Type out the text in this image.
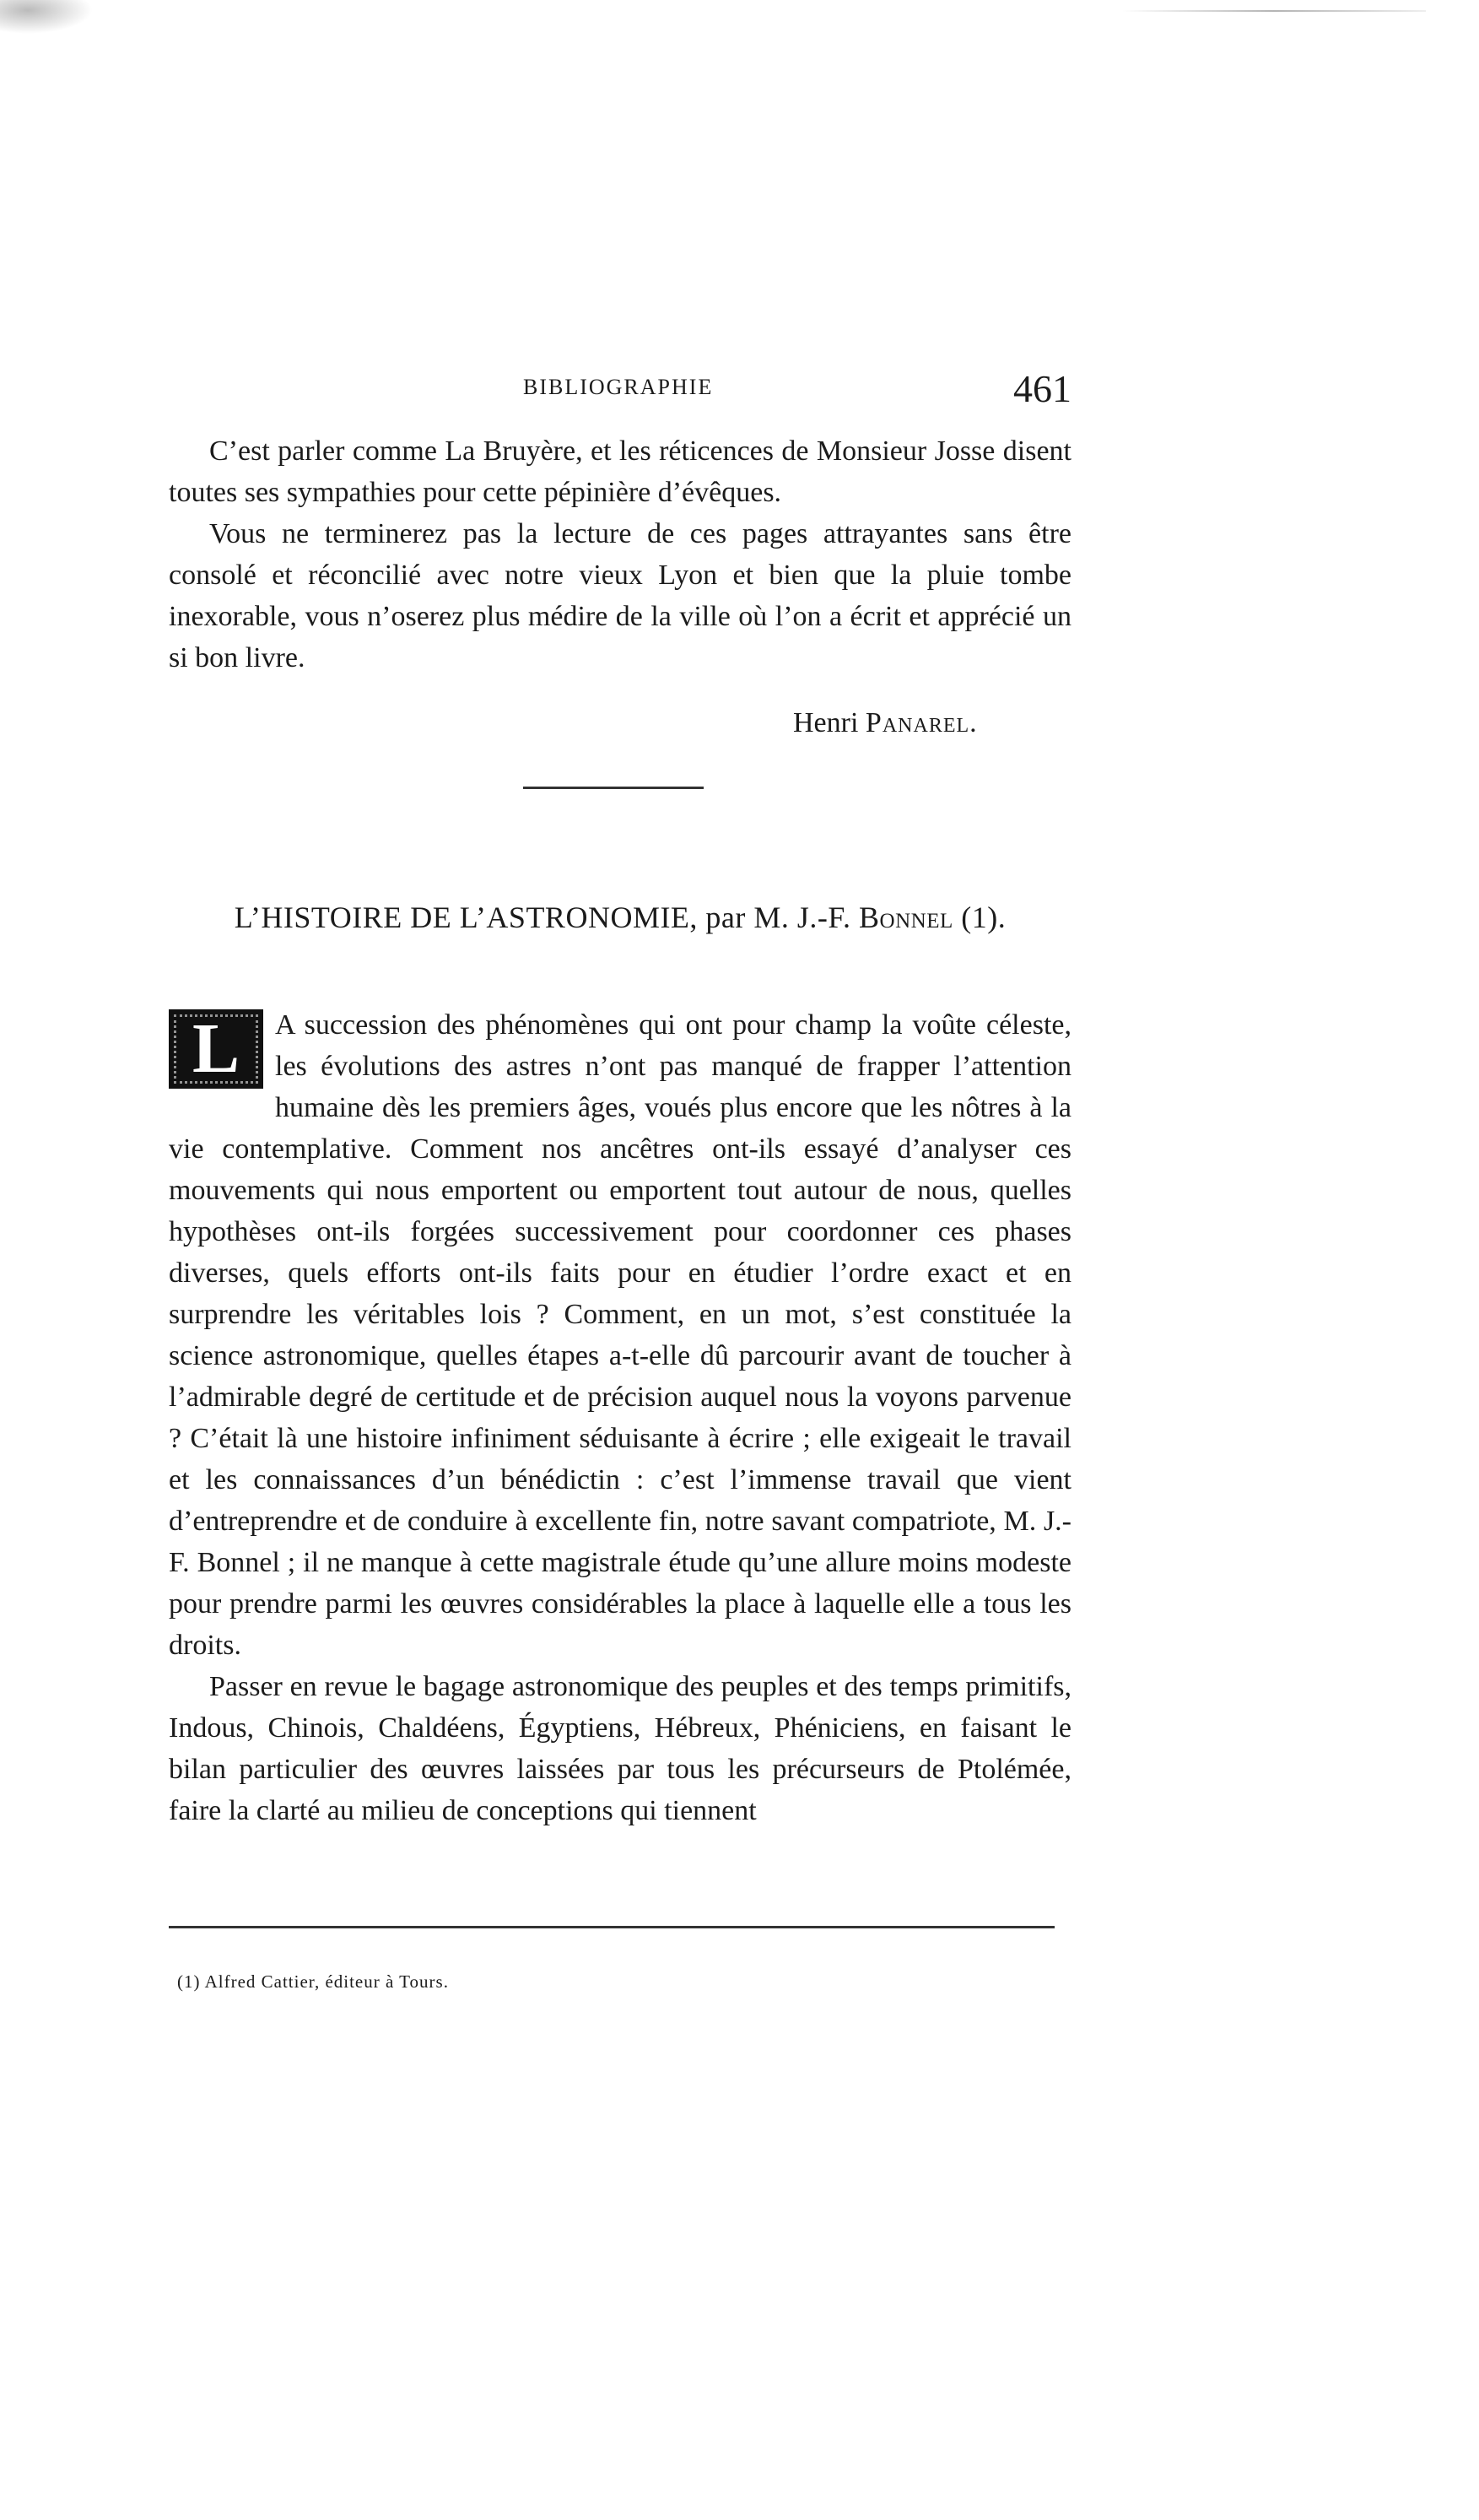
BIBLIOGRAPHIE	461

C’est parler comme La Bruyère, et les réticences de Monsieur Josse disent toutes ses sympathies pour cette pépinière d’évêques.

Vous ne terminerez pas la lecture de ces pages attrayantes sans être consolé et réconcilié avec notre vieux Lyon et bien que la pluie tombe inexorable, vous n’oserez plus médire de la ville où l’on a écrit et apprécié un si bon livre.

Henri Panarel.
L’HISTOIRE DE L’ASTRONOMIE, par M. J.-F. Bonnel (1).

L	A succession des phénomènes qui ont pour champ la voûte céleste, les évolutions des astres n’ont pas manqué de frapper l’attention humaine dès les premiers âges, voués plus encore que les nôtres à la vie contemplative. Comment nos ancêtres ont-ils essayé d’analyser ces mouvements qui nous emportent ou emportent tout autour de nous, quelles hypothèses ont-ils forgées successivement pour coordonner ces phases diverses, quels efforts ont-ils faits pour en étudier l’ordre exact et en surprendre les véritables lois ? Comment, en un mot, s’est constituée la science astronomique, quelles étapes a-t-elle dû parcourir avant de toucher à l’admirable degré de certitude et de précision auquel nous la voyons parvenue ? C’était là une histoire infiniment séduisante à écrire ; elle exigeait le travail et les connaissances d’un bénédictin : c’est l’immense travail que vient d’entreprendre et de conduire à excellente fin, notre savant compatriote, M. J.-F. Bonnel ; il ne manque à cette magistrale étude qu’une allure moins modeste pour prendre parmi les œuvres considérables la place à laquelle elle a tous les droits.

Passer en revue le bagage astronomique des peuples et des temps primitifs, Indous, Chinois, Chaldéens, Égyptiens, Hébreux, Phéniciens, en faisant le bilan particulier des œuvres laissées par tous les précurseurs de Ptolémée, faire la clarté au milieu de conceptions qui tiennent

(1) Alfred Cattier, éditeur à Tours.
